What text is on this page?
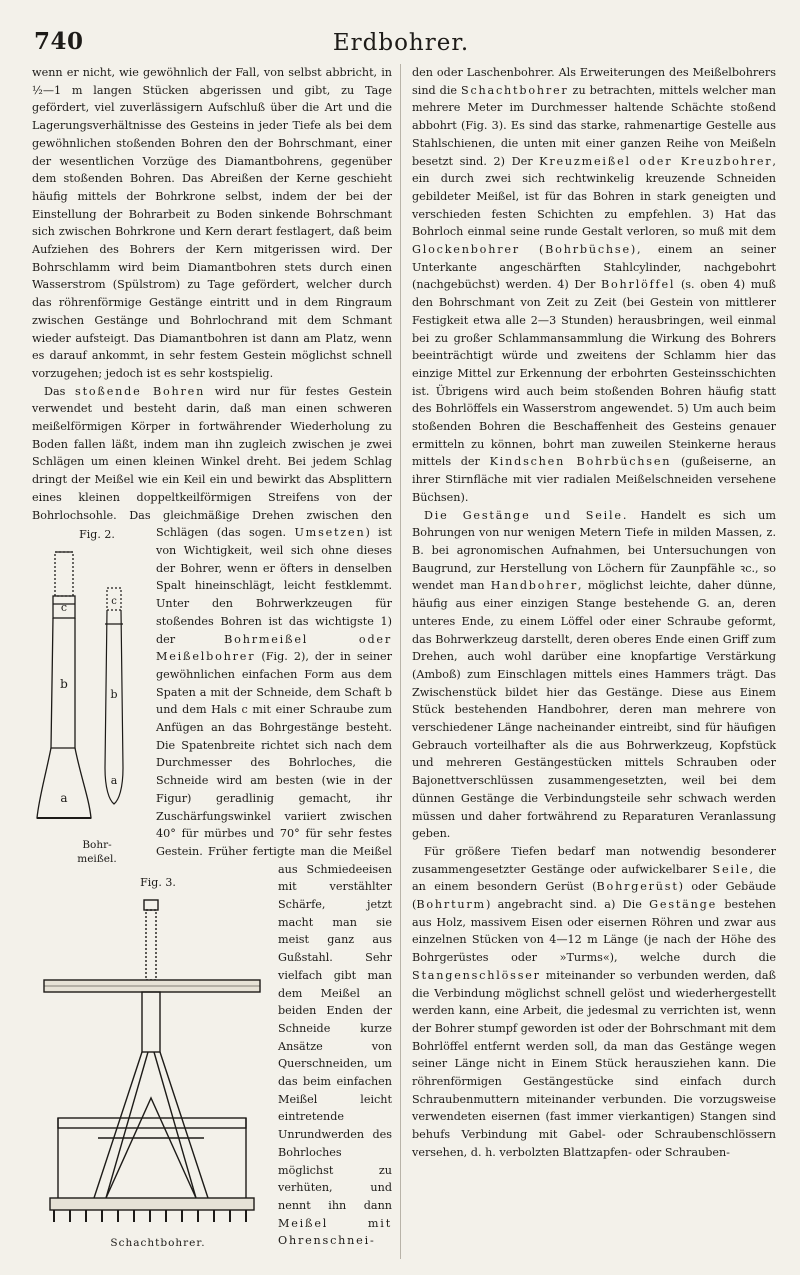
740	Erdbohrer.

wenn er nicht, wie gewöhnlich der Fall, von selbst abbricht, in ½—1 m langen Stücken abgerissen und gibt, zu Tage gefördert, viel zuverlässigern Aufschluß über die Art und die Lagerungsverhältnisse des Gesteins in jeder Tiefe als bei dem gewöhnlichen stoßenden Bohren den der Bohrschmant, einer der wesentlichen Vorzüge des Diamantbohrens, gegenüber dem stoßenden Bohren. Das Abreißen der Kerne geschieht häufig mittels der Bohrkrone selbst, indem der bei der Einstellung der Bohrarbeit zu Boden sinkende Bohrschmant sich zwischen Bohrkrone und Kern derart festlagert, daß beim Aufziehen des Bohrers der Kern mitgerissen wird. Der Bohrschlamm wird beim Diamantbohren stets durch einen Wasserstrom (Spülstrom) zu Tage gefördert, welcher durch das röhrenförmige Gestänge eintritt und in dem Ringraum zwischen Gestänge und Bohrlochrand mit dem Schmant wieder aufsteigt. Das Diamantbohren ist dann am Platz, wenn es darauf ankommt, in sehr festem Gestein möglichst schnell vorzugehen; jedoch ist es sehr kostspielig.

Das stoßende Bohren wird nur für festes Gestein verwendet und besteht darin, daß man einen schweren meißelförmigen Körper in fortwährender Wiederholung zu Boden fallen läßt, indem man ihn zugleich zwischen je zwei Schlägen um einen kleinen Winkel dreht. Bei jedem Schlag dringt der Meißel wie ein Keil ein und bewirkt das Absplittern eines kleinen doppeltkeilförmigen Streifens von der Bohrlochsohle. Das gleichmäßige Drehen zwischen den Schlägen (das sogen.
Fig. 2.
c
b
a
c
b
a
Bohr-
meißel.
Umsetzen) ist von Wichtigkeit, weil sich ohne dieses der Bohrer, wenn er öfters in denselben Spalt hineinschlägt, leicht festklemmt. Unter den Bohrwerkzeugen für stoßendes Bohren ist das wichtigste 1) der	Bohrmeißel oder Meißelbohrer
Fig. 3.
Schachtbohrer.
(Fig. 2), der in seiner gewöhnlichen einfachen Form aus dem Spaten a mit der Schneide, dem Schaft b und dem Hals c mit einer Schraube zum Anfügen an das Bohrgestänge besteht. Die Spatenbreite richtet sich nach dem Durchmesser des Bohrloches, die Schneide wird am besten (wie in der Figur) geradlinig gemacht, ihr Zuschärfungswinkel variiert zwischen 40° für mürbes und 70° für sehr festes Gestein. Früher fertigte man die Meißel aus Schmiedeeisen mit verstählter Schärfe, jetzt macht man sie meist ganz aus Gußstahl. Sehr vielfach gibt man dem Meißel an beiden Enden der Schneide kurze Ansätze von Querschneiden, um das beim einfachen Meißel leicht eintretende Unrundwerden des Bohrloches möglichst zu verhüten, und nennt ihn dann Meißel mit Ohrenschnei-

den oder Laschenbohrer. Als Erweiterungen des Meißelbohrers sind die Schachtbohrer zu betrachten, mittels welcher man mehrere Meter im Durchmesser haltende Schächte stoßend abbohrt (Fig. 3). Es sind das starke, rahmenartige Gestelle aus Stahlschienen, die unten mit einer ganzen Reihe von Meißeln besetzt sind. 2) Der Kreuzmeißel oder Kreuzbohrer, ein durch zwei sich rechtwinkelig kreuzende Schneiden gebildeter Meißel, ist für das Bohren in stark geneigten und verschieden festen Schichten zu empfehlen. 3) Hat das Bohrloch einmal seine runde Gestalt verloren, so muß mit dem Glockenbohrer (Bohrbüchse), einem an seiner Unterkante angeschärften Stahlcylinder, nachgebohrt (nachgebüchst) werden. 4) Der Bohrlöffel (s. oben 4) muß den Bohrschmant von Zeit zu Zeit (bei Gestein von mittlerer Festigkeit etwa alle 2—3 Stunden) herausbringen, weil einmal bei zu großer Schlammansammlung die Wirkung des Bohrers beeinträchtigt würde und zweitens der Schlamm hier das einzige Mittel zur Erkennung der erbohrten Gesteinsschichten ist. Übrigens wird auch beim stoßenden Bohren häufig statt des Bohrlöffels ein Wasserstrom angewendet. 5) Um auch beim stoßenden Bohren die Beschaffenheit des Gesteins genauer ermitteln zu können, bohrt man zuweilen Steinkerne heraus mittels der Kindschen Bohrbüchsen (gußeiserne, an ihrer Stirnfläche mit vier radialen Meißelschneiden versehene Büchsen).

Die Gestänge und Seile. Handelt es sich um Bohrungen von nur wenigen Metern Tiefe in milden Massen, z. B. bei agronomischen Aufnahmen, bei Untersuchungen von Baugrund, zur Herstellung von Löchern für Zaunpfähle ꝛc., so wendet man Handbohrer, möglichst leichte, daher dünne, häufig aus einer einzigen Stange bestehende G. an, deren unteres Ende, zu einem Löffel oder einer Schraube geformt, das Bohrwerkzeug darstellt, deren oberes Ende einen Griff zum Drehen, auch wohl darüber eine knopfartige Verstärkung (Amboß) zum Einschlagen mittels eines Hammers trägt. Das Zwischenstück bildet hier das Gestänge. Diese aus Einem Stück bestehenden Handbohrer, deren man mehrere von verschiedener Länge nacheinander eintreibt, sind für häufigen Gebrauch vorteilhafter als die aus Bohrwerkzeug, Kopfstück und mehreren Gestängestücken mittels Schrauben oder Bajonettverschlüssen zusammengesetzten, weil bei dem dünnen Gestänge die Verbindungsteile sehr schwach werden müssen und daher fortwährend zu Reparaturen Veranlassung geben.

Für größere Tiefen bedarf man notwendig besonderer zusammengesetzter Gestänge oder aufwickelbarer Seile, die an einem besondern Gerüst (Bohrgerüst) oder Gebäude (Bohrturm) angebracht sind. a) Die Gestänge bestehen aus Holz, massivem Eisen oder eisernen Röhren und zwar aus einzelnen Stücken von 4—12 m Länge (je nach der Höhe des Bohrgerüstes oder »Turms«), welche durch die Stangenschlösser miteinander so verbunden werden, daß die Verbindung möglichst schnell gelöst und wiederhergestellt werden kann, eine Arbeit, die jedesmal zu verrichten ist, wenn der Bohrer stumpf geworden ist oder der Bohrschmant mit dem Bohrlöffel entfernt werden soll, da man das Gestänge wegen seiner Länge nicht in Einem Stück herausziehen kann. Die röhrenförmigen Gestängestücke sind einfach durch Schraubenmuttern miteinander verbunden. Die vorzugsweise verwendeten eisernen (fast immer vierkantigen) Stangen sind behufs Verbindung mit Gabel- oder Schraubenschlössern versehen, d. h. verbolzten Blattzapfen- oder Schrauben-
